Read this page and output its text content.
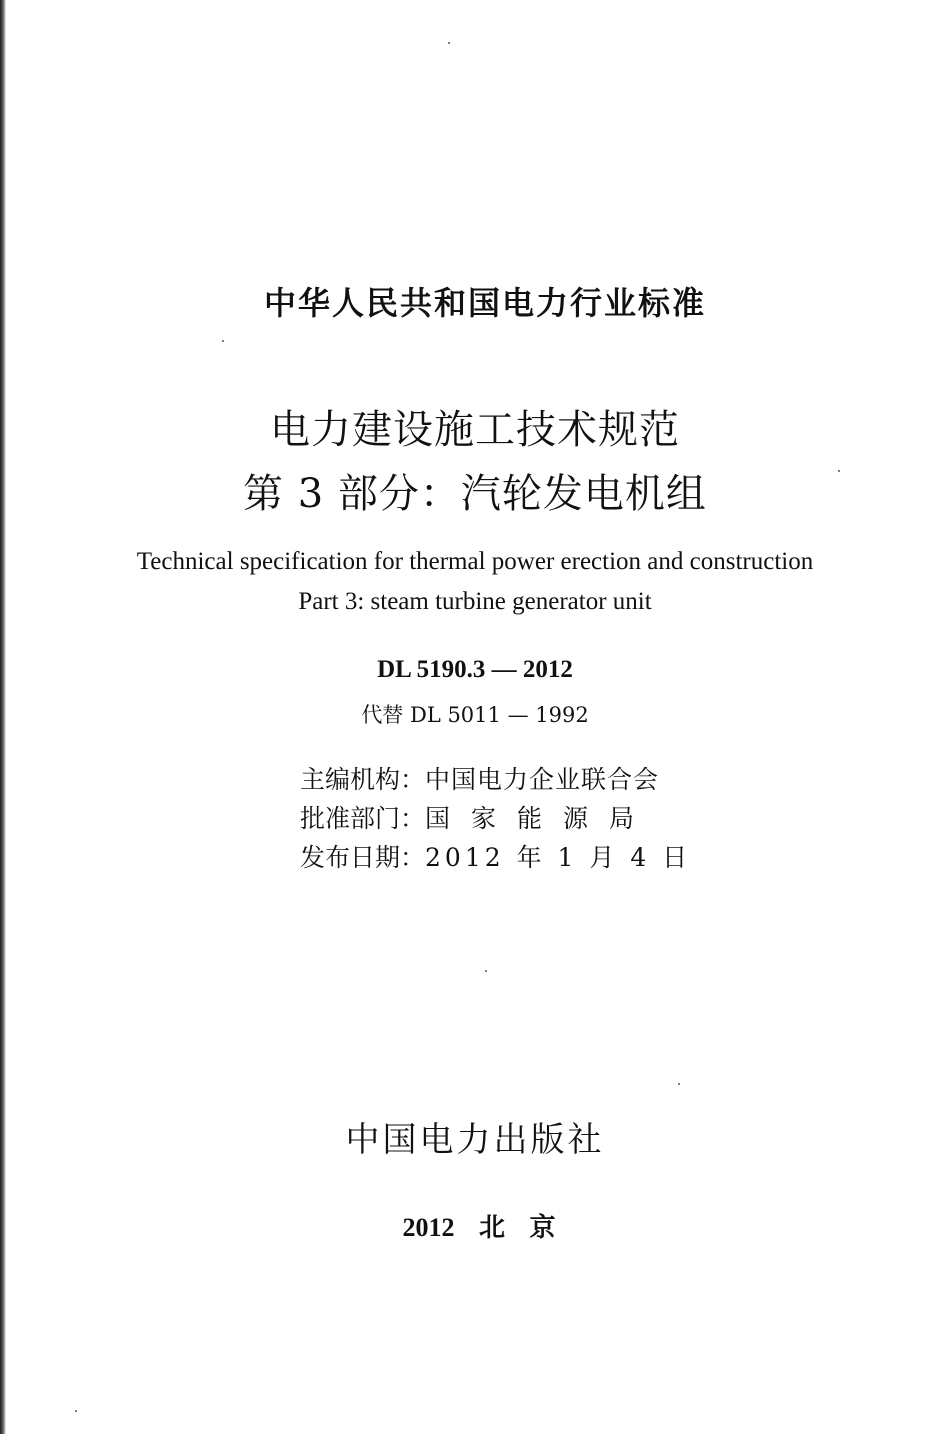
中华人民共和国电力行业标准
电力建设施工技术规范
第 3 部分：汽轮发电机组
Technical specification for thermal power erection and construction
Part 3: steam turbine generator unit
DL 5190.3 — 2012
代替 DL 5011 — 1992
主编机构：中国电力企业联合会
批准部门：国家能源局
发布日期：2012 年 1 月 4 日
中国电力出版社
2012 北 京
